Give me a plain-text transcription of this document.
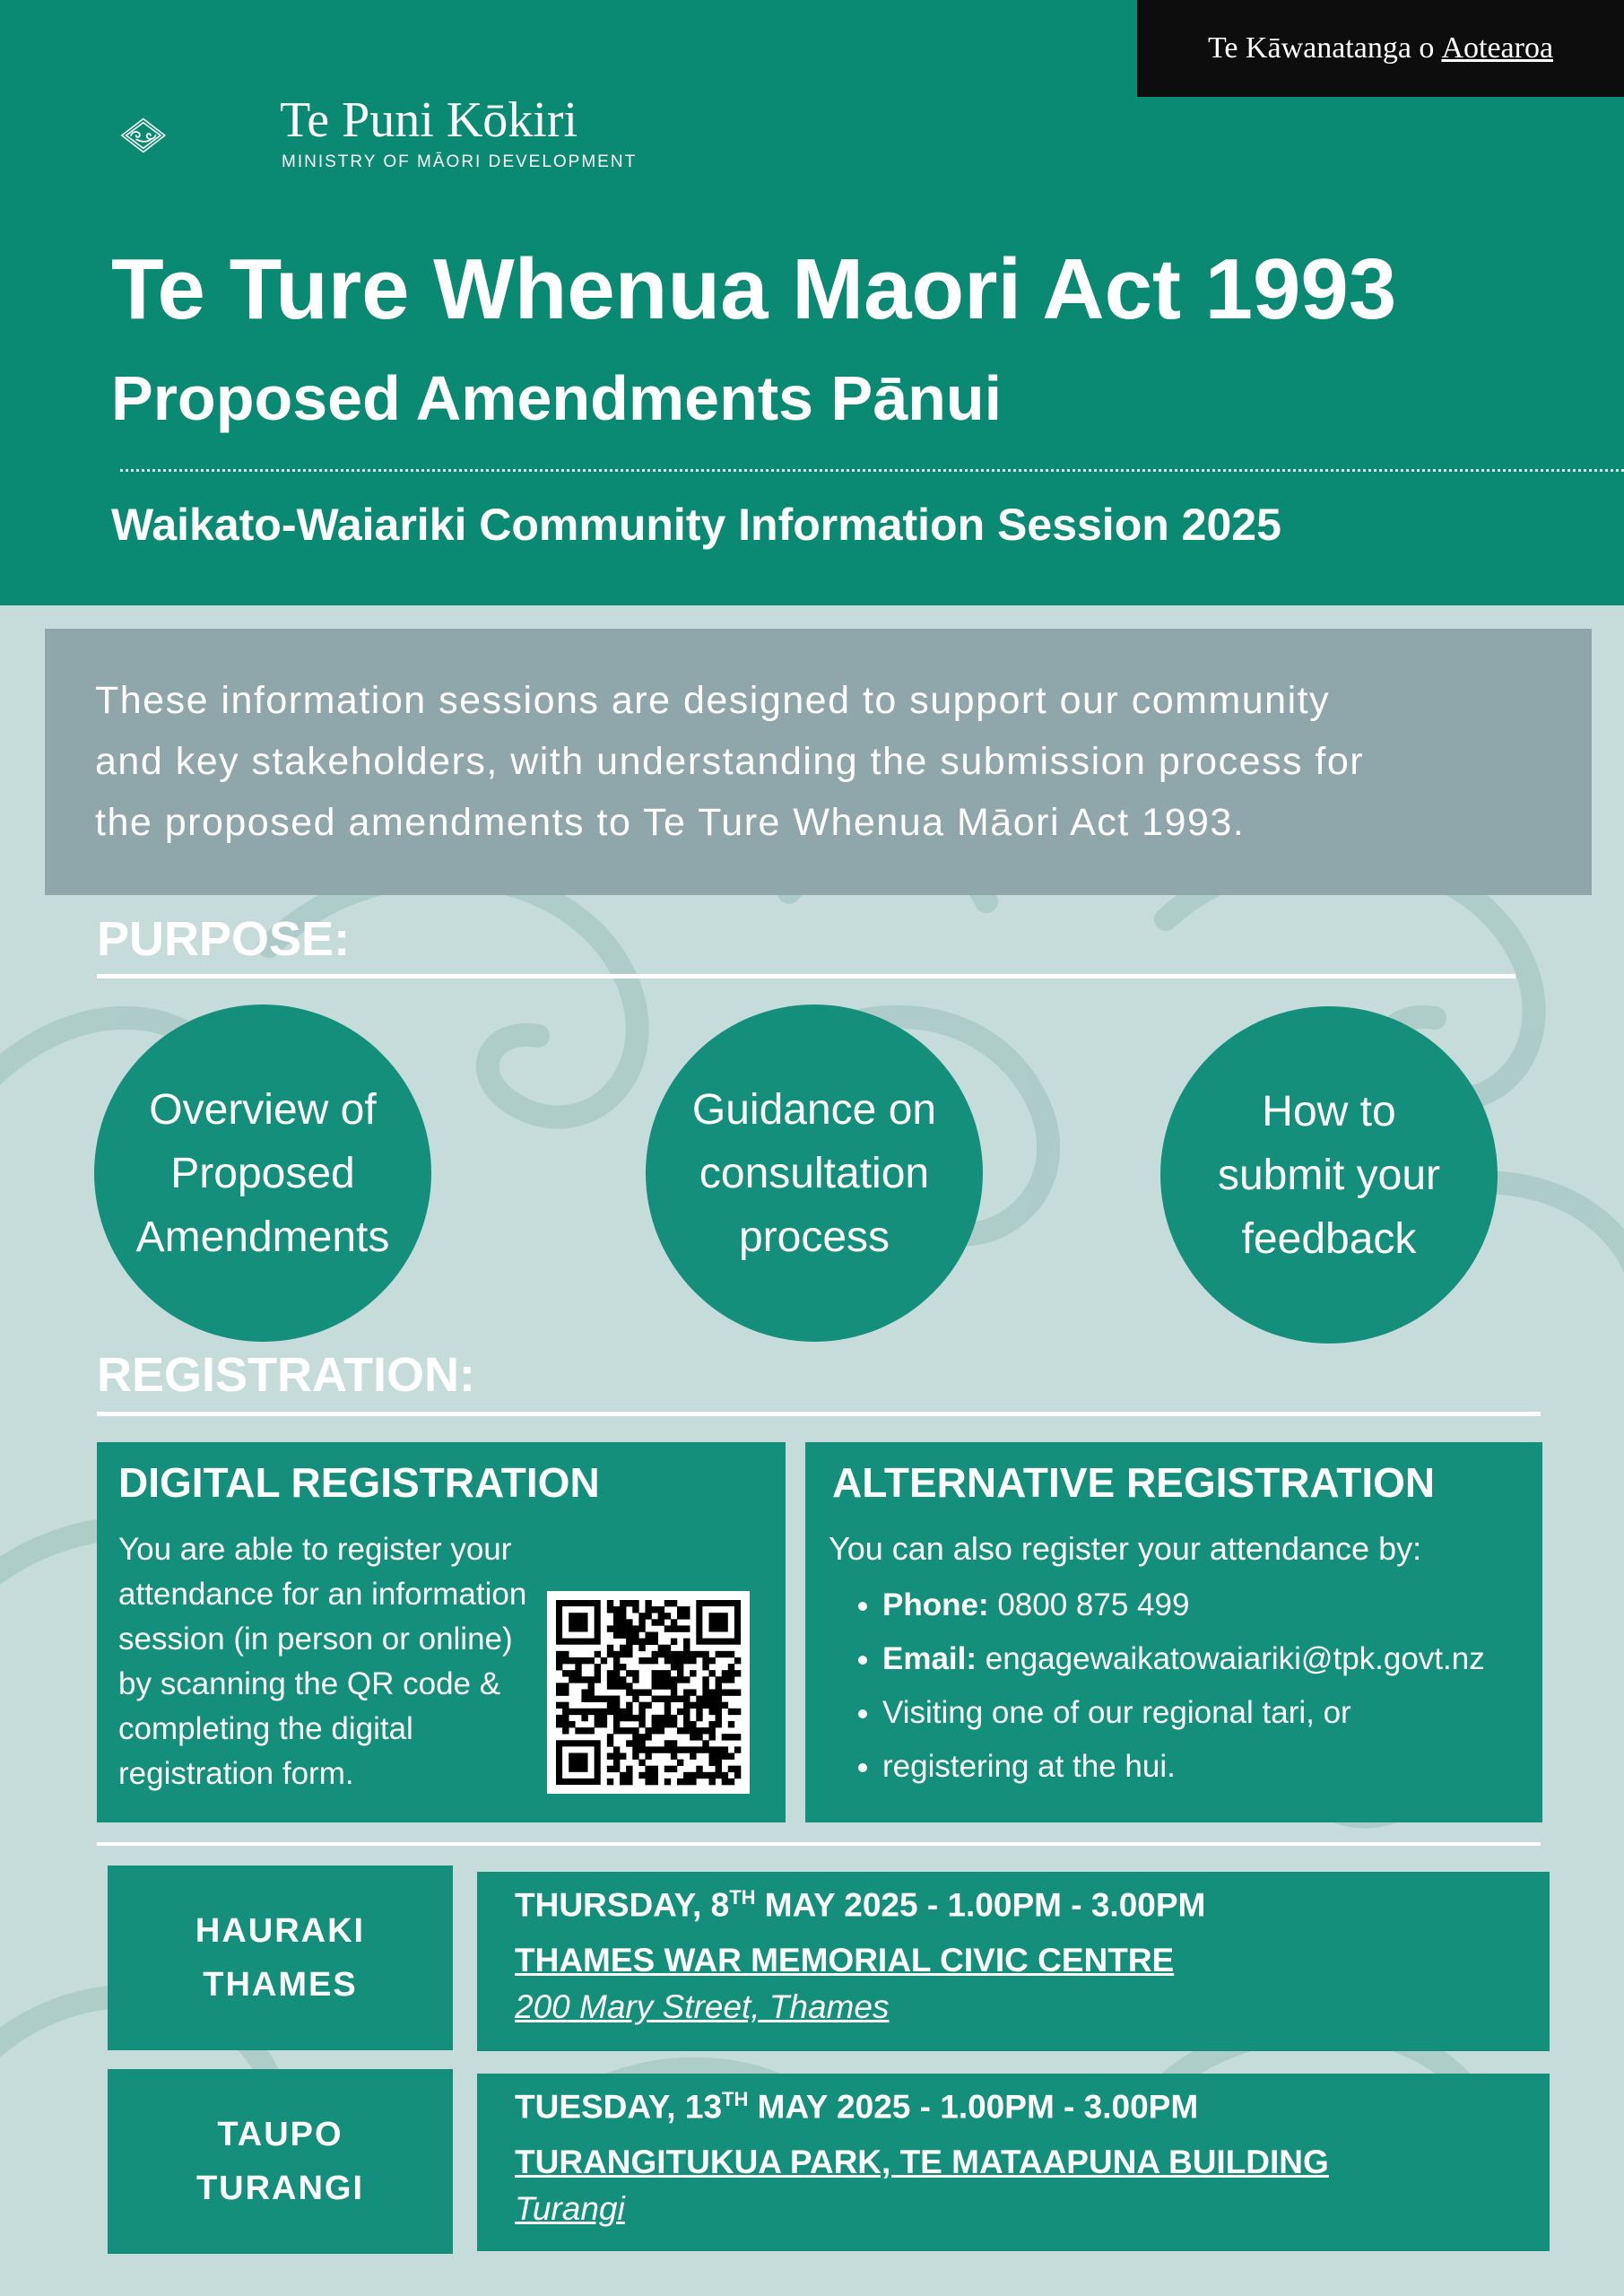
Te Kāwanatanga o Aotearoa
Te Puni Kōkiri
MINISTRY OF MĀORI DEVELOPMENT
Te Ture Whenua Maori Act 1993
Proposed Amendments Pānui
Waikato-Waiariki Community Information Session 2025
These information sessions are designed to support our community
and key stakeholders, with understanding the submission process for
the proposed amendments to Te Ture Whenua Māori Act 1993.
PURPOSE:
Overview of
Proposed
Amendments
Guidance on
consultation
process
How to
submit your
feedback
REGISTRATION:
DIGITAL REGISTRATION
You are able to register your
attendance for an information
session (in person or online)
by scanning the QR code &
completing the digital
registration form.
ALTERNATIVE REGISTRATION
You can also register your attendance by:
• Phone: 0800 875 499
• Email: engagewaikatowaiariki@tpk.govt.nz
• Visiting one of our regional tari, or
• registering at the hui.
HAURAKI
THAMES
THURSDAY, 8TH MAY 2025 - 1.00PM - 3.00PM
THAMES WAR MEMORIAL CIVIC CENTRE
200 Mary Street, Thames
TAUPO
TURANGI
TUESDAY, 13TH MAY 2025 - 1.00PM - 3.00PM
TURANGITUKUA PARK, TE MATAAPUNA BUILDING
Turangi
